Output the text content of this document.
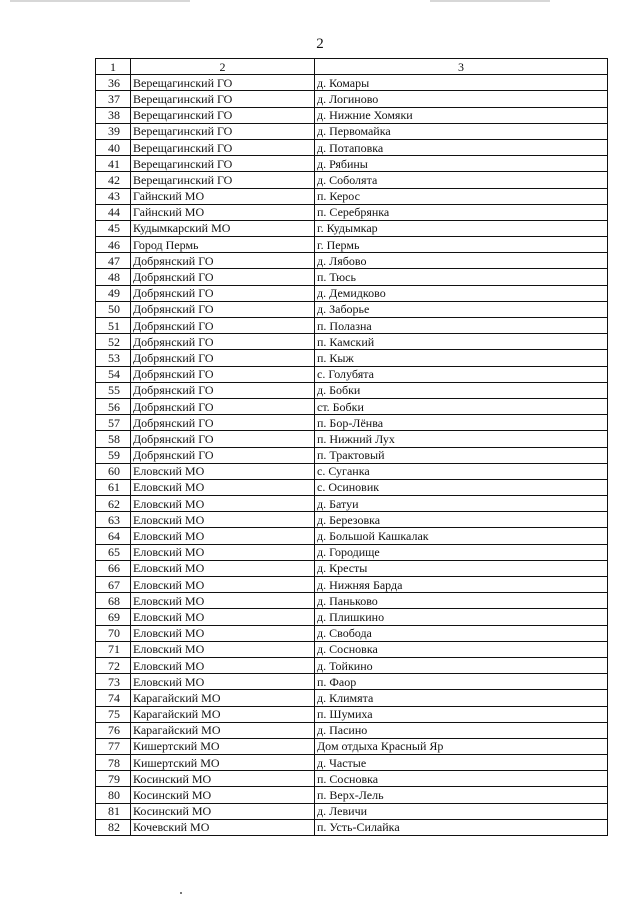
2
1	2	3
36	Верещагинский ГО	д. Комары
37	Верещагинский ГО	д. Логиново
38	Верещагинский ГО	д. Нижние Хомяки
39	Верещагинский ГО	д. Первомайка
40	Верещагинский ГО	д. Потаповка
41	Верещагинский ГО	д. Рябины
42	Верещагинский ГО	д. Соболята
43	Гайнский МО	п. Керос
44	Гайнский МО	п. Серебрянка
45	Кудымкарский МО	г. Кудымкар
46	Город Пермь	г. Пермь
47	Добрянский ГО	д. Лябово
48	Добрянский ГО	п. Тюсь
49	Добрянский ГО	д. Демидково
50	Добрянский ГО	д. Заборье
51	Добрянский ГО	п. Полазна
52	Добрянский ГО	п. Камский
53	Добрянский ГО	п. Кыж
54	Добрянский ГО	с. Голубята
55	Добрянский ГО	д. Бобки
56	Добрянский ГО	ст. Бобки
57	Добрянский ГО	п. Бор-Лёнва
58	Добрянский ГО	п. Нижний Лух
59	Добрянский ГО	п. Трактовый
60	Еловский МО	с. Суганка
61	Еловский МО	с. Осиновик
62	Еловский МО	д. Батуи
63	Еловский МО	д. Березовка
64	Еловский МО	д. Большой Кашкалак
65	Еловский МО	д. Городище
66	Еловский МО	д. Кресты
67	Еловский МО	д. Нижняя Барда
68	Еловский МО	д. Паньково
69	Еловский МО	д. Плишкино
70	Еловский МО	д. Свобода
71	Еловский МО	д. Сосновка
72	Еловский МО	д. Тойкино
73	Еловский МО	п. Фаор
74	Карагайский МО	д. Климята
75	Карагайский МО	п. Шумиха
76	Карагайский МО	д. Пасино
77	Кишертский МО	Дом отдыха Красный Яр
78	Кишертский МО	д. Частые
79	Косинский МО	п. Сосновка
80	Косинский МО	п. Верх-Лель
81	Косинский МО	д. Левичи
82	Кочевский МО	п. Усть-Силайка
